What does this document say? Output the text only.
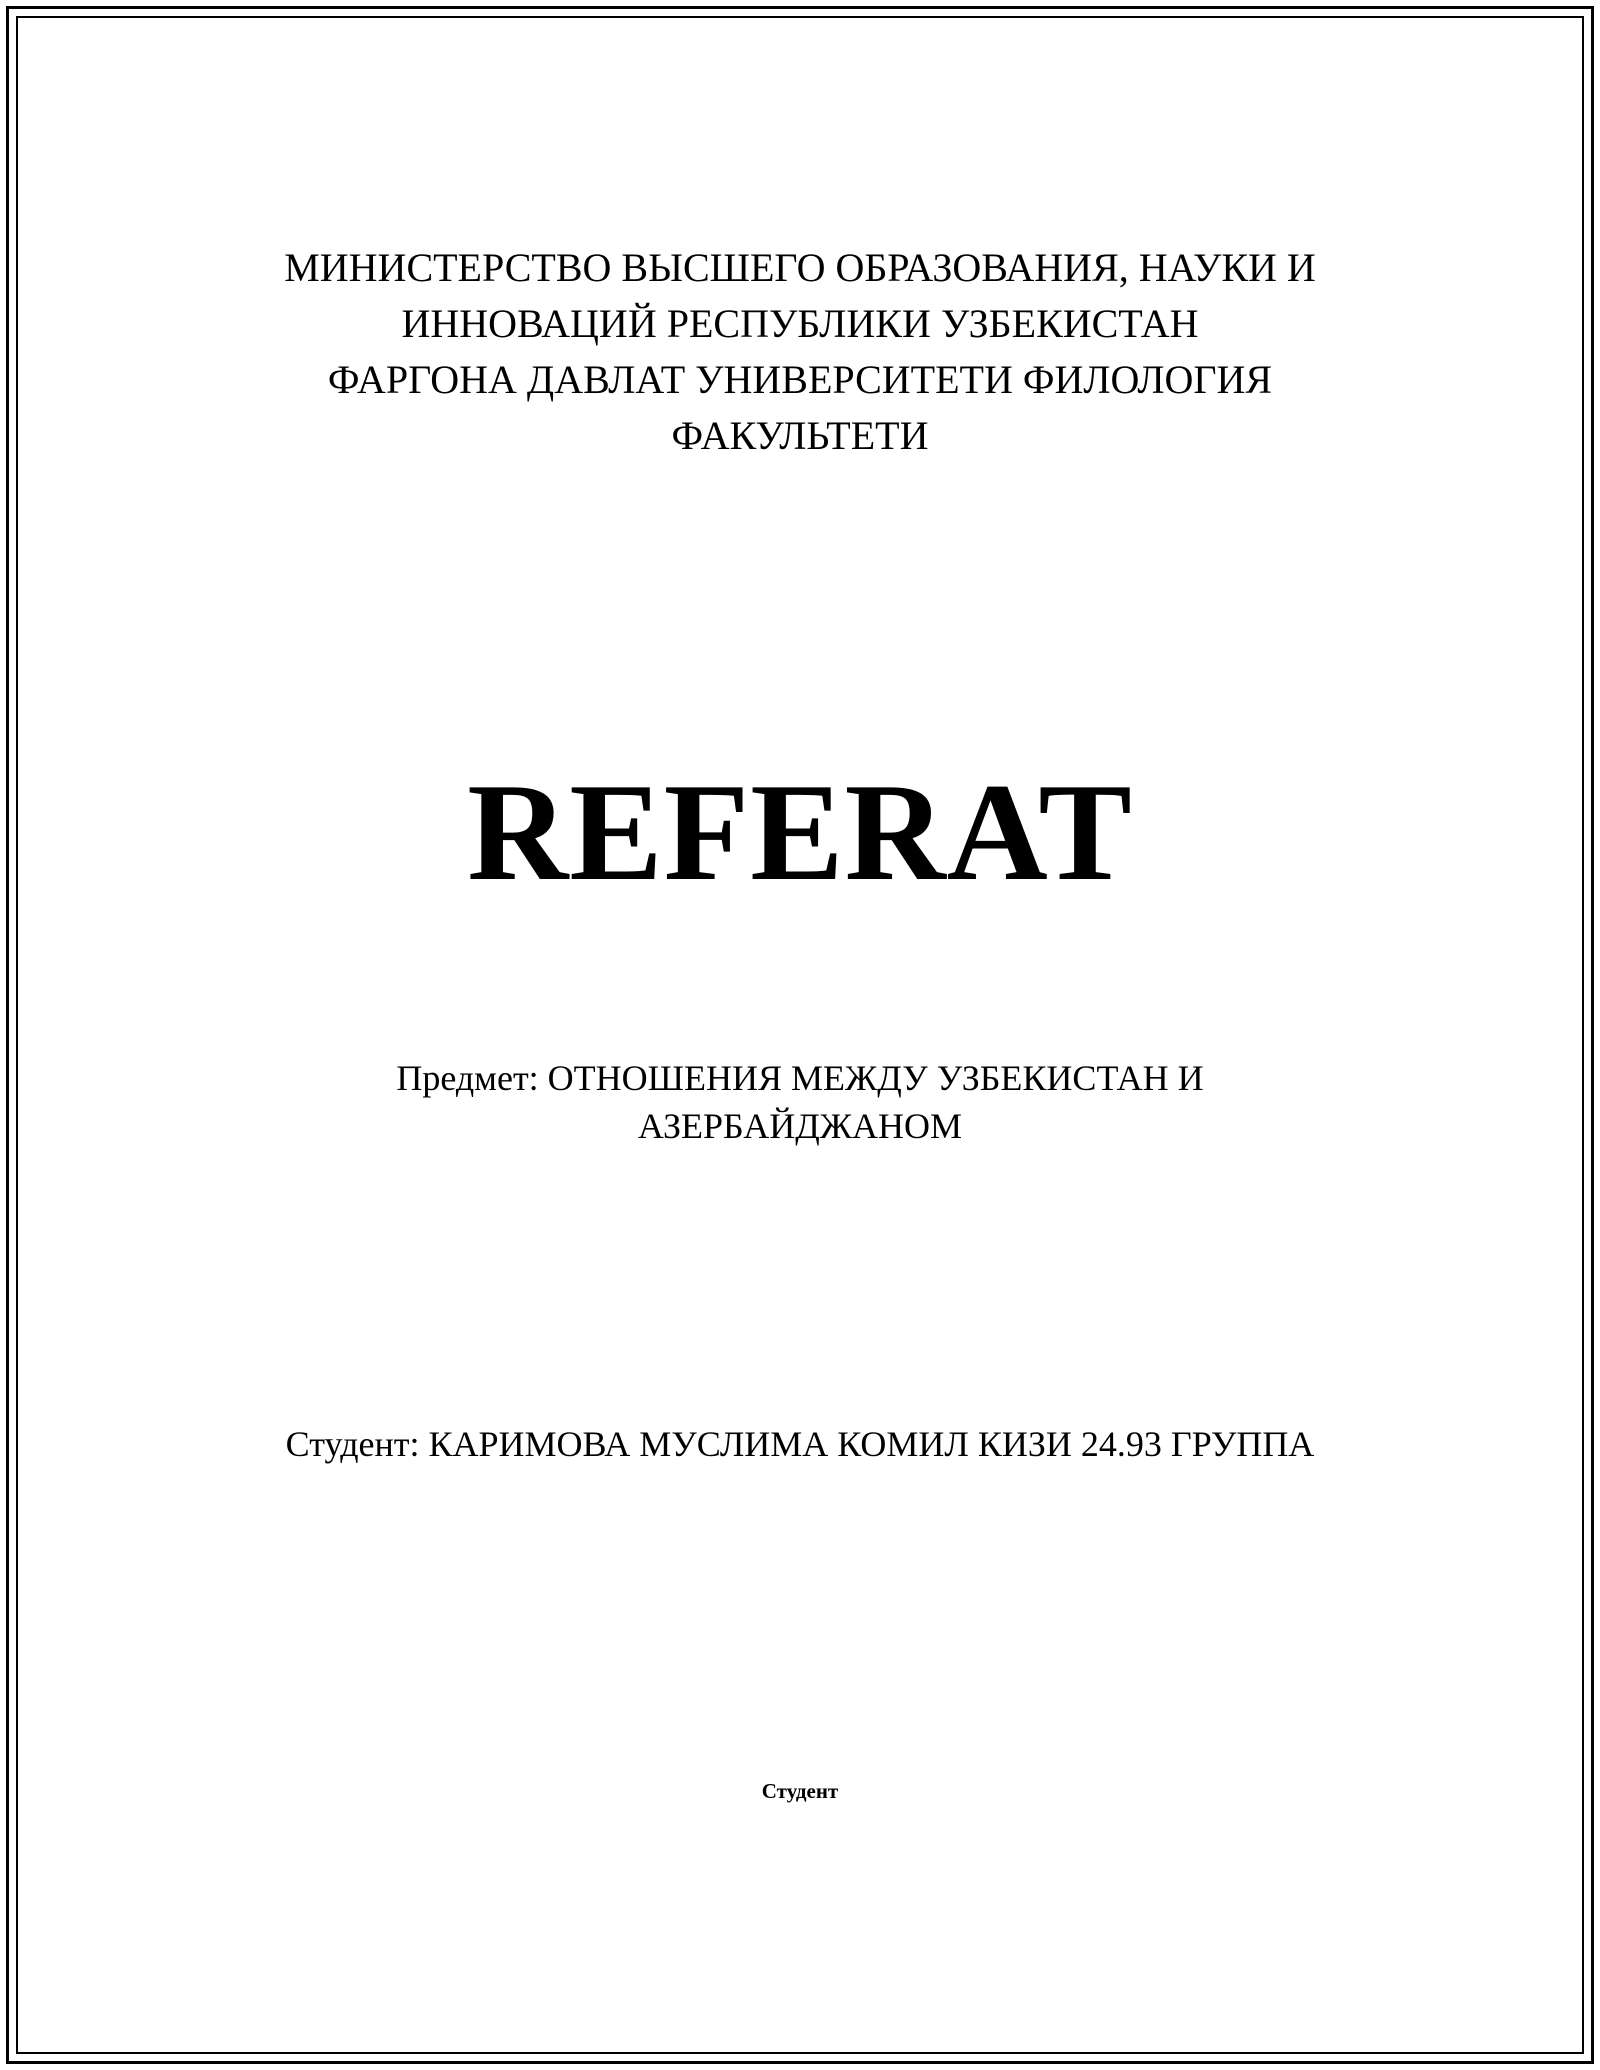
МИНИСТЕРСТВО ВЫСШЕГО ОБРАЗОВАНИЯ, НАУКИ И
ИННОВАЦИЙ РЕСПУБЛИКИ УЗБЕКИСТАН
ФАРГОНА ДАВЛАТ УНИВЕРСИТЕТИ ФИЛОЛОГИЯ
ФАКУЛЬТЕТИ
REFERAT
Предмет: ОТНОШЕНИЯ МЕЖДУ УЗБЕКИСТАН И
АЗЕРБАЙДЖАНОМ
Студент: КАРИМОВА МУСЛИМА КОМИЛ КИЗИ 24.93 ГРУППА
Студент
